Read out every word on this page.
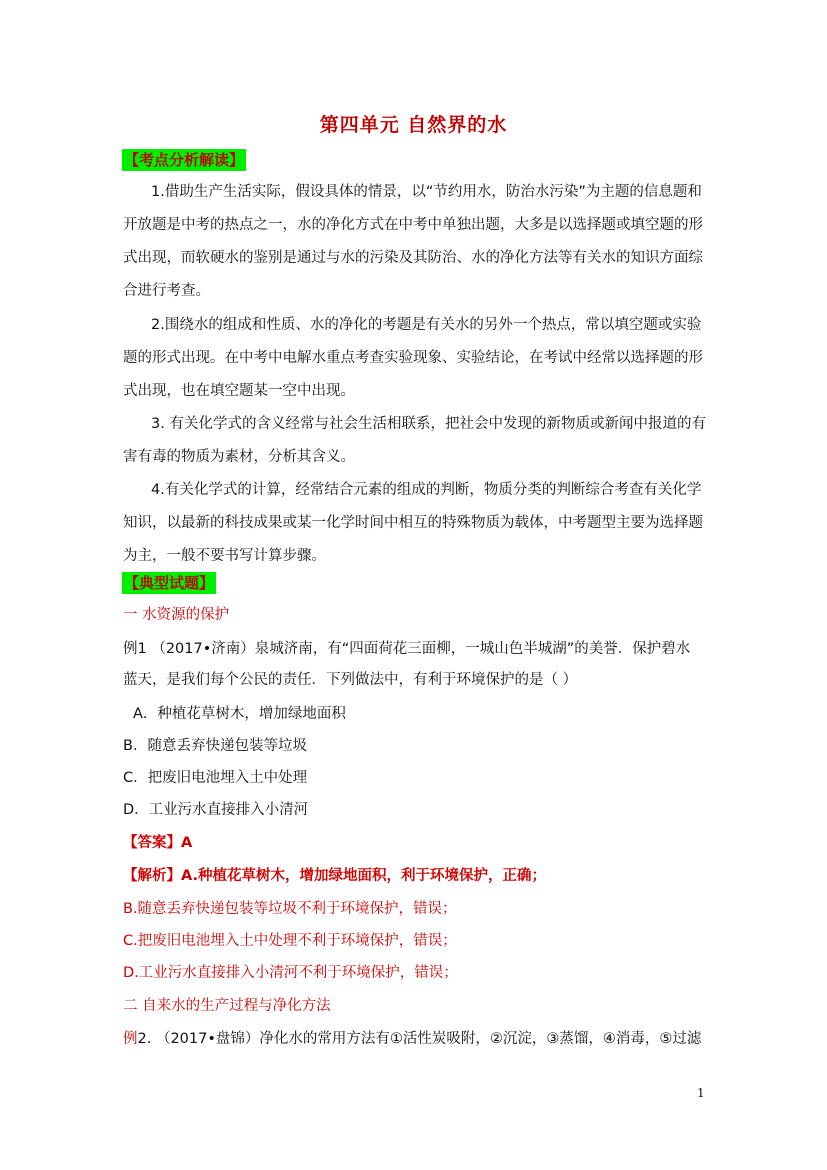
第四单元 自然界的水
【考点分析解读】
1.借助生产生活实际，假设具体的情景，以“节约用水，防治水污染”为主题的信息题和开放题是中考的热点之一，水的净化方式在中考中单独出题，大多是以选择题或填空题的形式出现，而软硬水的鉴别是通过与水的污染及其防治、水的净化方法等有关水的知识方面综合进行考查。
2.围绕水的组成和性质、水的净化的考题是有关水的另外一个热点，常以填空题或实验题的形式出现。在中考中电解水重点考查实验现象、实验结论，在考试中经常以选择题的形式出现，也在填空题某一空中出现。
3. 有关化学式的含义经常与社会生活相联系，把社会中发现的新物质或新闻中报道的有害有毒的物质为素材，分析其含义。
4.有关化学式的计算，经常结合元素的组成的判断，物质分类的判断综合考查有关化学知识，以最新的科技成果或某一化学时间中相互的特殊物质为载体，中考题型主要为选择题为主，一般不要书写计算步骤。
【典型试题】
一 水资源的保护
例1 （2017•济南）泉城济南，有“四面荷花三面柳，一城山色半城湖”的美誉．保护碧水
蓝天，是我们每个公民的责任．下列做法中，有利于环境保护的是（ ）
A．种植花草树木，增加绿地面积
B．随意丢弃快递包装等垃圾
C．把废旧电池埋入土中处理
D．工业污水直接排入小清河
【答案】A
【解析】A.种植花草树木，增加绿地面积，利于环境保护，正确；
B.随意丢弃快递包装等垃圾不利于环境保护，错误；
C.把废旧电池埋入土中处理不利于环境保护，错误；
D.工业污水直接排入小清河不利于环境保护，错误；
二 自来水的生产过程与净化方法
例2. （2017•盘锦）净化水的常用方法有①活性炭吸附，②沉淀，③蒸馏，④消毒，⑤过滤
1
